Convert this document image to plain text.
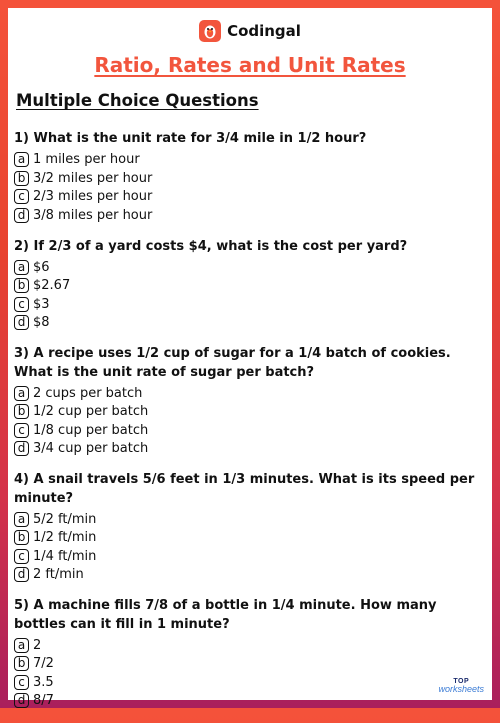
Codingal
Ratio, Rates and Unit Rates
Multiple Choice Questions
1) What is the unit rate for 3/4 mile in 1/2 hour?
a 1 miles per hour
b 3/2 miles per hour
c 2/3 miles per hour
d 3/8 miles per hour
2) If 2/3 of a yard costs $4, what is the cost per yard?
a $6
b $2.67
c $3
d $8
3) A recipe uses 1/2 cup of sugar for a 1/4 batch of cookies. What is the unit rate of sugar per batch?
a 2 cups per batch
b 1/2 cup per batch
c 1/8 cup per batch
d 3/4 cup per batch
4) A snail travels 5/6 feet in 1/3 minutes. What is its speed per minute?
a 5/2 ft/min
b 1/2 ft/min
c 1/4 ft/min
d 2 ft/min
5) A machine fills 7/8 of a bottle in 1/4 minute. How many bottles can it fill in 1 minute?
a 2
b 7/2
c 3.5
d 8/7
TOP
worksheets
